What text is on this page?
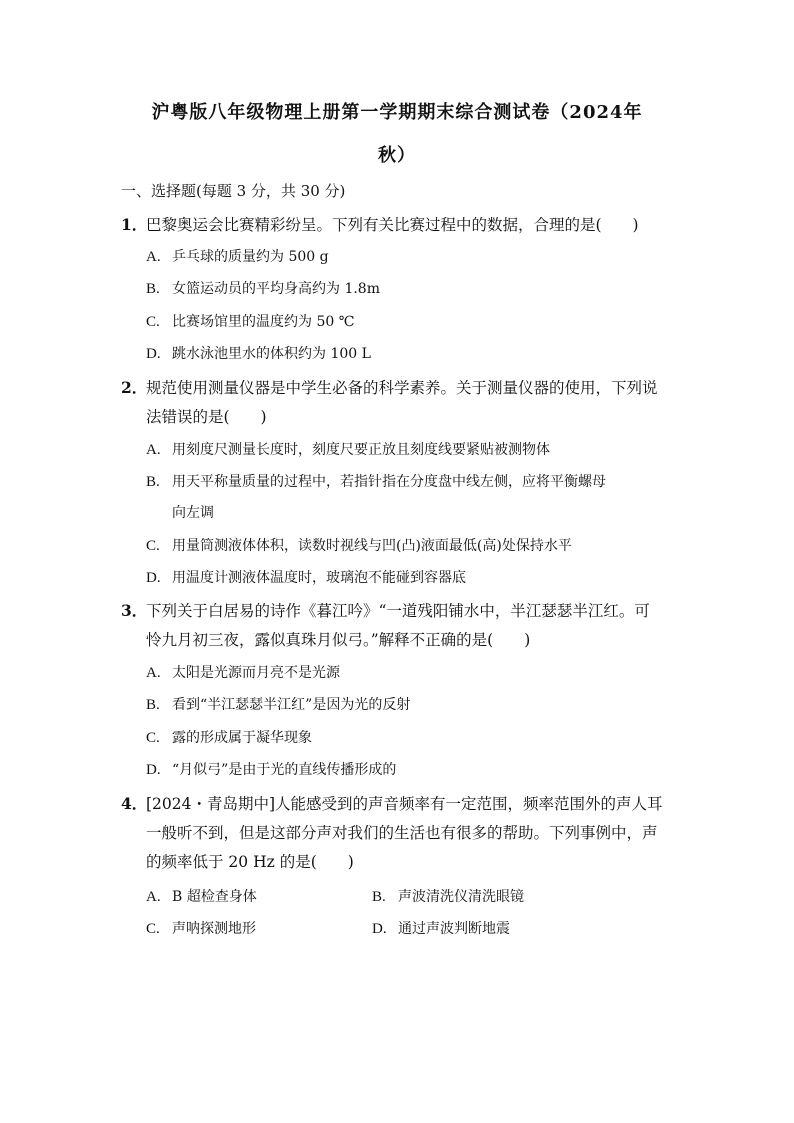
沪粤版八年级物理上册第一学期期末综合测试卷（2024年
秋）
一、选择题(每题 3 分，共 30 分)
1．
巴黎奥运会比赛精彩纷呈。下列有关比赛过程中的数据，合理的是(　　)
A. 乒乓球的质量约为 500 g
B. 女篮运动员的平均身高约为 1.8m
C. 比赛场馆里的温度约为 50 ℃
D. 跳水泳池里水的体积约为 100 L
2．
规范使用测量仪器是中学生必备的科学素养。关于测量仪器的使用，下列说
法错误的是(　　)
A. 用刻度尺测量长度时，刻度尺要正放且刻度线要紧贴被测物体
B. 用天平称量质量的过程中，若指针指在分度盘中线左侧，应将平衡螺母
向左调
C. 用量筒测液体体积，读数时视线与凹(凸)液面最低(高)处保持水平
D. 用温度计测液体温度时，玻璃泡不能碰到容器底
3．
下列关于白居易的诗作《暮江吟》“一道残阳铺水中，半江瑟瑟半江红。可
怜九月初三夜，露似真珠月似弓。”解释不正确的是(　　)
A. 太阳是光源而月亮不是光源
B. 看到“半江瑟瑟半江红”是因为光的反射
C. 露的形成属于凝华现象
D. “月似弓”是由于光的直线传播形成的
4．
[2024・青岛期中]人能感受到的声音频率有一定范围，频率范围外的声人耳
一般听不到，但是这部分声对我们的生活也有很多的帮助。下列事例中，声
的频率低于 20 Hz 的是(　　)
A. B 超检查身体	B. 声波清洗仪清洗眼镜
C. 声呐探测地形	D. 通过声波判断地震
